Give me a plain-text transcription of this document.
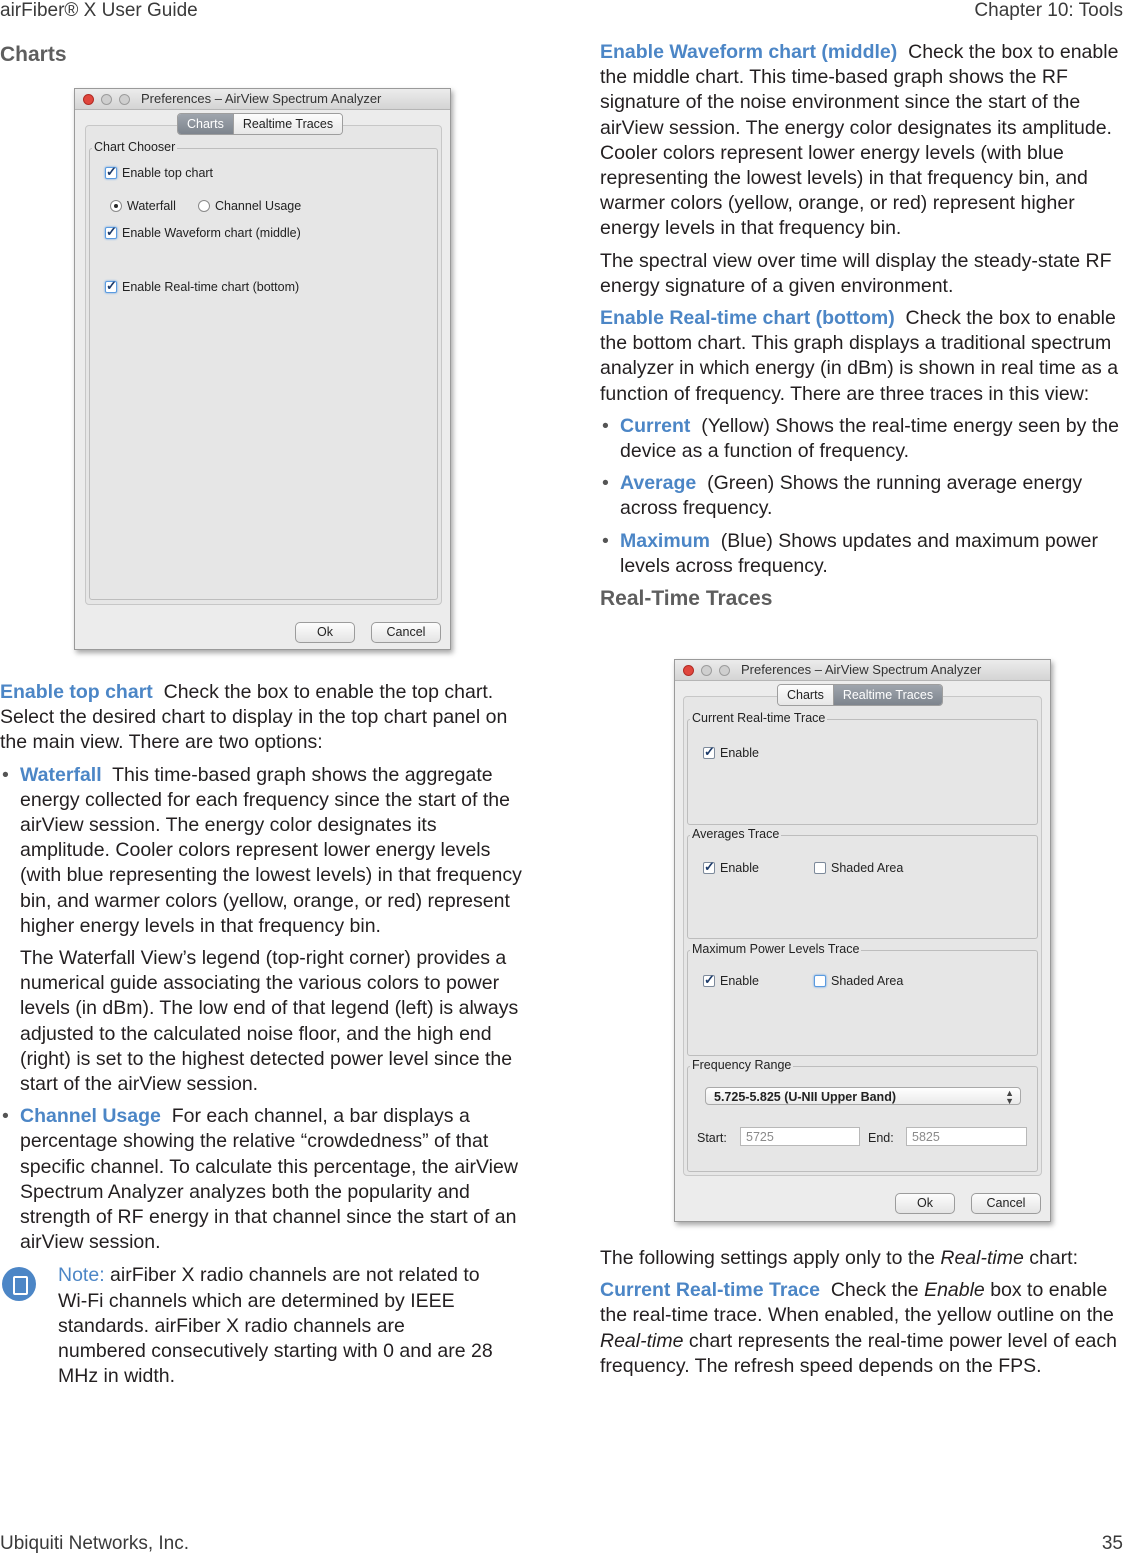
airFiber® X User Guide	Chapter 10: Tools
Ubiquiti Networks, Inc.	35
Charts
Preferences – AirView Spectrum Analyzer
Chart Chooser
✓Enable top chart
Waterfall	Channel Usage
✓Enable Waveform chart (middle)
✓Enable Real-time chart (bottom)
Charts	Realtime Traces
Ok	Cancel

Enable top chart Check the box to enable the top chart. Select the desired chart to display in the top chart panel on the main view. There are two options:

• Waterfall This time-based graph shows the aggregate energy collected for each frequency since the start of the airView session. The energy color designates its amplitude. Cooler colors represent lower energy levels (with blue representing the lowest levels) in that frequency bin, and warmer colors (yellow, orange, or red) represent higher energy levels in that frequency bin.

The Waterfall View’s legend (top-right corner) provides a numerical guide associating the various colors to power levels (in dBm). The low end of that legend (left) is always adjusted to the calculated noise floor, and the high end (right) is set to the highest detected power level since the start of the airView session.

• Channel Usage For each channel, a bar displays a percentage showing the relative “crowdedness” of that specific channel. To calculate this percentage, the airView Spectrum Analyzer analyzes both the popularity and strength of RF energy in that channel since the start of an airView session.
Note: airFiber X radio channels are not related to Wi-Fi channels which are determined by IEEE standards. airFiber X radio channels are numbered consecutively starting with 0 and are 28 MHz in width.

Enable Waveform chart (middle) Check the box to enable the middle chart. This time-based graph shows the RF signature of the noise environment since the start of the airView session. The energy color designates its amplitude. Cooler colors represent lower energy levels (with blue representing the lowest levels) in that frequency bin, and warmer colors (yellow, orange, or red) represent higher energy levels in that frequency bin.

The spectral view over time will display the steady-state RF energy signature of a given environment.

Enable Real-time chart (bottom) Check the box to enable the bottom chart. This graph displays a traditional spectrum analyzer in which energy (in dBm) is shown in real time as a function of frequency. There are three traces in this view:

• Current (Yellow) Shows the real-time energy seen by the device as a function of frequency.
• Average (Green) Shows the running average energy across frequency.
• Maximum (Blue) Shows updates and maximum power levels across frequency.
Real-Time Traces
Preferences – AirView Spectrum Analyzer
Current Real-time Trace
✓Enable
Averages Trace
✓Enable	Shaded Area
Maximum Power Levels Trace
✓Enable	Shaded Area
Frequency Range
5.725-5.825 (U-NII Upper Band)	▲
▼
Start:	5725	End:	5825
Charts	Realtime Traces
Ok	Cancel

The following settings apply only to the Real-time chart:

Current Real-time Trace Check the Enable box to enable the real-time trace. When enabled, the yellow outline on the Real-time chart represents the real-time power level of each frequency. The refresh speed depends on the FPS.
